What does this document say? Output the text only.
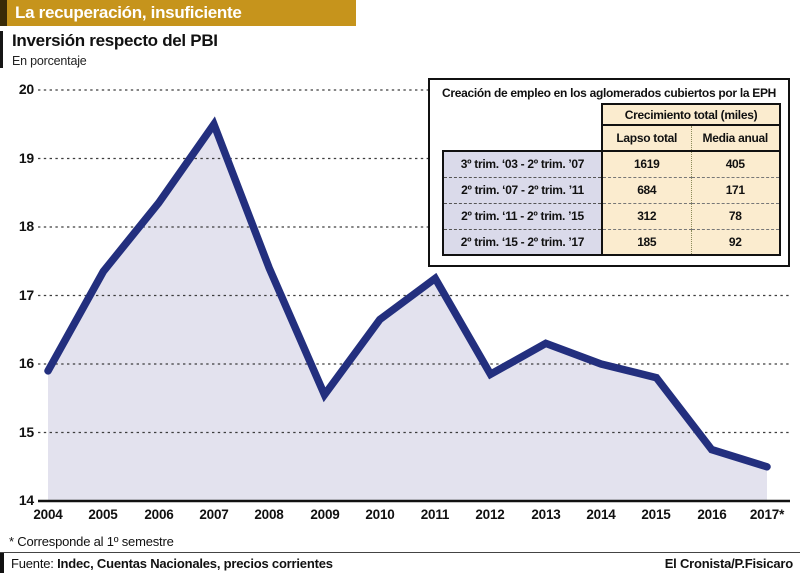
14
15
16
17
18
19
20
2004	2005	2006	2007	2008	2009	2010	2011	2012	2013	2014	2015	2016	2017*
La recuperación, insuficiente
Inversión respecto del PBI
En porcentaje
Creación de empleo en los aglomerados cubiertos por la EPH
	Crecimiento total (miles)	
	Lapso total	Media anual
3º trim. ‘03 - 2º trim. ’07	1619	405
2º trim. ‘07 - 2º trim. ’11	684	171
2º trim. ‘11 - 2º trim. ’15	312	78
2º trim. ‘15 - 2º trim. ’17	185	92
* Corresponde al 1º semestre
Fuente: Indec, Cuentas Nacionales, precios corrientes	El Cronista/P.Fisicaro
